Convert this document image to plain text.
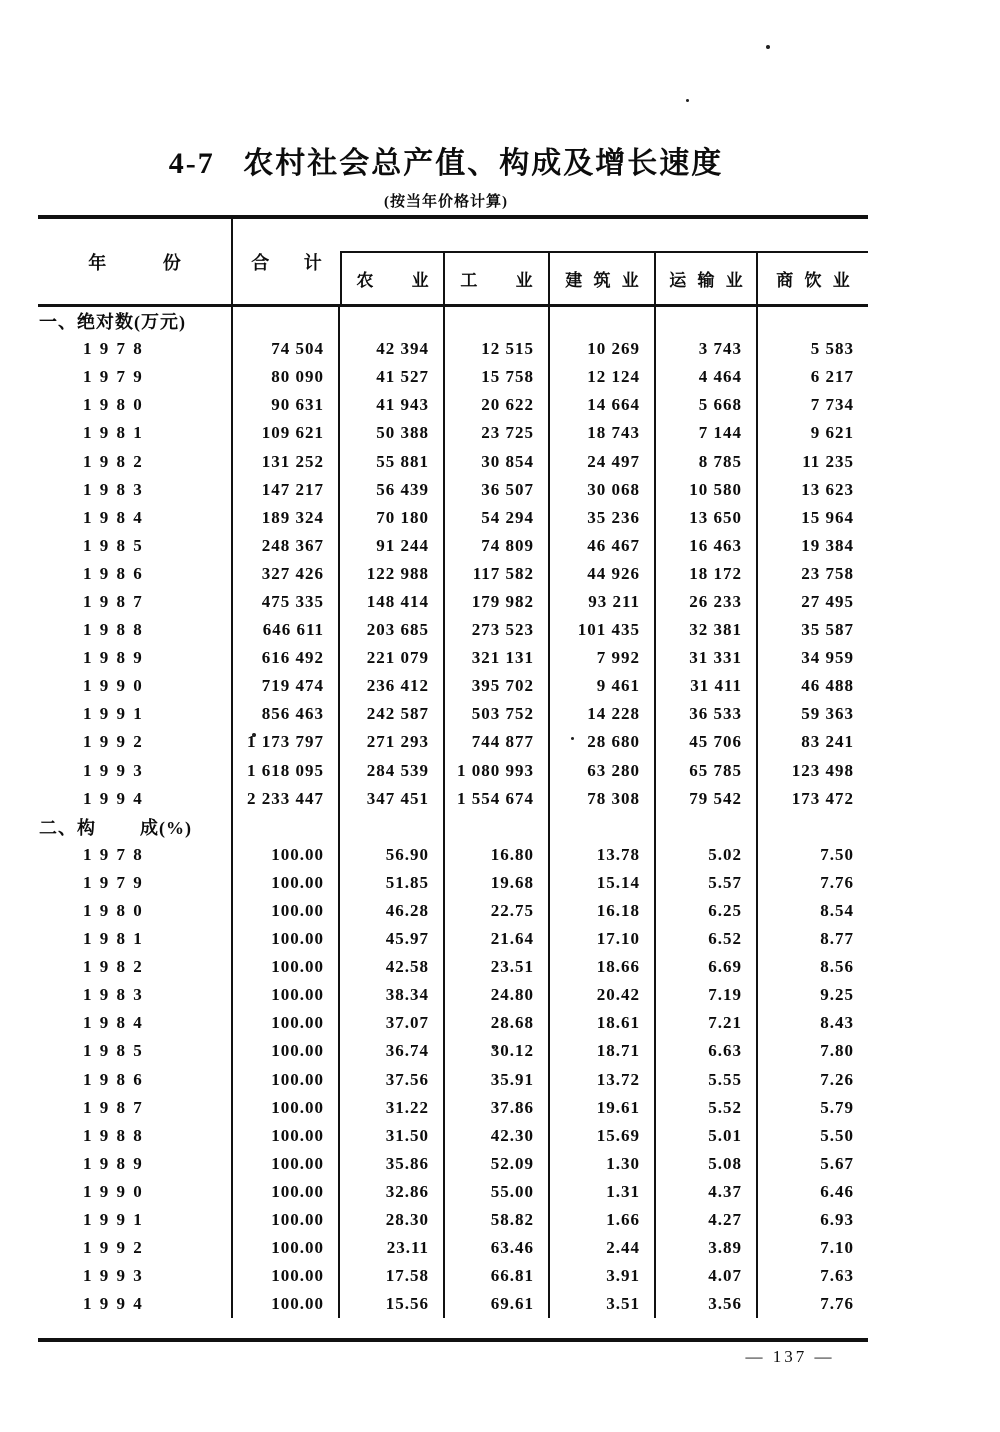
4-7   农村社会总产值、构成及增长速度
(按当年价格计算)
年 份	合 计
农 业	工 业	建 筑 业	运 输 业	商 饮 业
一、绝对数(万元)
1 9 7 8	74 504	42 394	12 515	10 269	3 743	5 583
1 9 7 9	80 090	41 527	15 758	12 124	4 464	6 217
1 9 8 0	90 631	41 943	20 622	14 664	5 668	7 734
1 9 8 1	109 621	50 388	23 725	18 743	7 144	9 621
1 9 8 2	131 252	55 881	30 854	24 497	8 785	11 235
1 9 8 3	147 217	56 439	36 507	30 068	10 580	13 623
1 9 8 4	189 324	70 180	54 294	35 236	13 650	15 964
1 9 8 5	248 367	91 244	74 809	46 467	16 463	19 384
1 9 8 6	327 426	122 988	117 582	44 926	18 172	23 758
1 9 8 7	475 335	148 414	179 982	93 211	26 233	27 495
1 9 8 8	646 611	203 685	273 523	101 435	32 381	35 587
1 9 8 9	616 492	221 079	321 131	7 992	31 331	34 959
1 9 9 0	719 474	236 412	395 702	9 461	31 411	46 488
1 9 9 1	856 463	242 587	503 752	14 228	36 533	59 363
1 9 9 2	1 173 797	271 293	744 877	28 680	45 706	83 241
1 9 9 3	1 618 095	284 539	1 080 993	63 280	65 785	123 498
1 9 9 4	2 233 447	347 451	1 554 674	78 308	79 542	173 472
二、构        成(%)
1 9 7 8	100.00	56.90	16.80	13.78	5.02	7.50
1 9 7 9	100.00	51.85	19.68	15.14	5.57	7.76
1 9 8 0	100.00	46.28	22.75	16.18	6.25	8.54
1 9 8 1	100.00	45.97	21.64	17.10	6.52	8.77
1 9 8 2	100.00	42.58	23.51	18.66	6.69	8.56
1 9 8 3	100.00	38.34	24.80	20.42	7.19	9.25
1 9 8 4	100.00	37.07	28.68	18.61	7.21	8.43
1 9 8 5	100.00	36.74	30.12	18.71	6.63	7.80
1 9 8 6	100.00	37.56	35.91	13.72	5.55	7.26
1 9 8 7	100.00	31.22	37.86	19.61	5.52	5.79
1 9 8 8	100.00	31.50	42.30	15.69	5.01	5.50
1 9 8 9	100.00	35.86	52.09	1.30	5.08	5.67
1 9 9 0	100.00	32.86	55.00	1.31	4.37	6.46
1 9 9 1	100.00	28.30	58.82	1.66	4.27	6.93
1 9 9 2	100.00	23.11	63.46	2.44	3.89	7.10
1 9 9 3	100.00	17.58	66.81	3.91	4.07	7.63
1 9 9 4	100.00	15.56	69.61	3.51	3.56	7.76
— 137 —
